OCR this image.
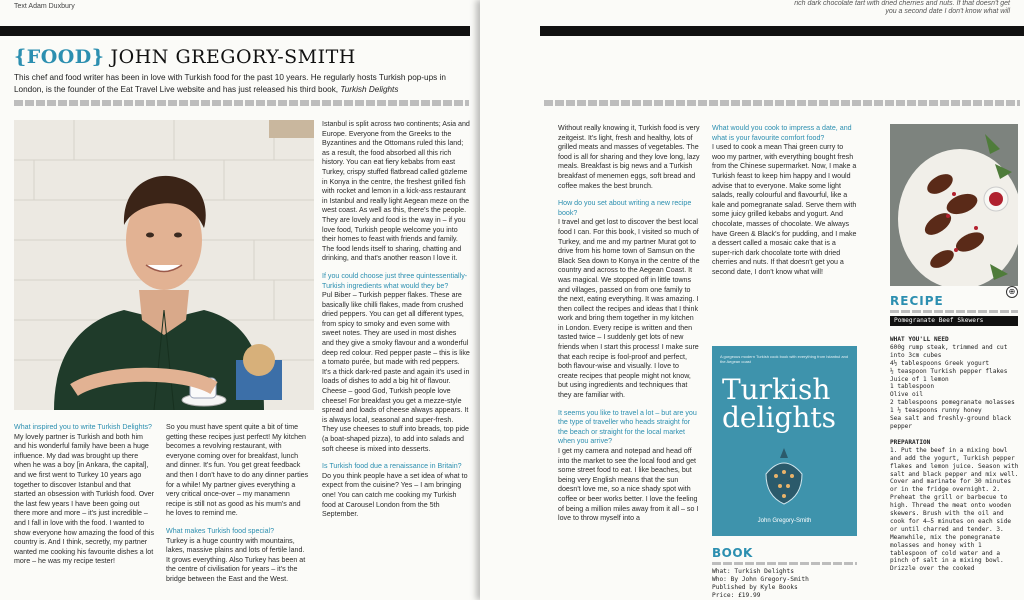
Text Adam Duxbury
{FOOD} JOHN GREGORY-SMITH
This chef and food writer has been in love with Turkish food for the past 10 years. He regularly hosts Turkish pop-ups in London, is the founder of the Eat Travel Live website and has just released his third book, Turkish Delights

What inspired you to write Turkish Delights?
My lovely partner is Turkish and both him and his wonderful family have been a huge influence. My dad was brought up there when he was a boy [in Ankara, the capital], and we first went to Turkey 10 years ago together to discover Istanbul and that started an obsession with Turkish food. Over the last few years I have been going out there more and more – it's just incredible – and I fall in love with the food. I wanted to show everyone how amazing the food of this country is. And I think, secretly, my partner wanted me cooking his favourite dishes a lot more – he was my recipe tester!

So you must have spent quite a bit of time getting these recipes just perfect! My kitchen becomes a revolving restaurant, with everyone coming over for breakfast, lunch and dinner. It's fun. You get great feedback and then I don't have to do any dinner parties for a while! My partner gives everything a very critical once-over – my manamenn recipe is still not as good as his mum's and he loves to remind me.

What makes Turkish food special?
Turkey is a huge country with mountains, lakes, massive plains and lots of fertile land. It grows everything. Also Turkey has been at the centre of civilisation for years – it's the bridge between the East and the West.

Istanbul is split across two continents; Asia and Europe. Everyone from the Greeks to the Byzantines and the Ottomans ruled this land; as a result, the food absorbed all this rich history. You can eat fiery kebabs from east Turkey, crispy stuffed flatbread called gözleme in Konya in the centre, the freshest grilled fish with rocket and lemon in a kick-ass restaurant in Istanbul and really light Aegean meze on the west coast. As well as this, there's the people. They are lovely and food is the way in – if you love food, Turkish people welcome you into their homes to feast with friends and family. The food lends itself to sharing, chatting and drinking, and that's another reason I love it.

If you could choose just three quintessentially-Turkish ingredients what would they be?
Pul Biber – Turkish pepper flakes. These are basically like chilli flakes, made from crushed dried peppers. You can get all different types, from spicy to smoky and even some with sweet notes. They are used in most dishes and they give a smoky flavour and a wonderful deep red colour. Red pepper paste – this is like a tomato purée, but made with red peppers. It's a thick dark-red paste and again it's used in loads of dishes to add a big hit of flavour. Cheese – good God, Turkish people love cheese! For breakfast you get a mezze-style spread and loads of cheese always appears. It is always local, seasonal and super-fresh. They use cheeses to stuff into breads, top pide (a boat-shaped pizza), to add into salads and soft cheese is mixed into desserts.

Is Turkish food due a renaissance in Britain?
Do you think people have a set idea of what to expect from the cuisine? Yes – I am bringing one! You can catch me cooking my Turkish food at Carousel London from the 5th September.

rich dark chocolate tart with dried cherries and nuts. If that doesn't get you a second date I don't know what will

Without really knowing it, Turkish food is very zeitgeist. It's light, fresh and healthy, lots of grilled meats and masses of vegetables. The food is all for sharing and they love long, lazy meals. Breakfast is big news and a Turkish breakfast of menemen eggs, soft bread and coffee makes the best brunch.

How do you set about writing a new recipe book?
I travel and get lost to discover the best local food I can. For this book, I visited so much of Turkey, and me and my partner Murat got to drive from his home town of Samsun on the Black Sea down to Konya in the centre of the country and across to the Aegean Coast. It was magical. We stopped off in little towns and villages, passed on from one family to the next, eating everything. It was amazing. I then collect the recipes and ideas that I think work and bring them together in my kitchen in London. Every recipe is written and then tasted twice – I suddenly get lots of new friends when I start this process! I make sure that each recipe is fool-proof and perfect, both flavour-wise and visually. I love to create recipes that people might not know, but using ingredients and techniques that they are familiar with.

It seems you like to travel a lot – but are you the type of traveller who heads straight for the beach or straight for the local market when you arrive?
I get my camera and notepad and head off into the market to see the local food and get some street food to eat. I like beaches, but being very English means that the sun doesn't love me, so a nice shady spot with coffee or beer works better. I love the feeling of being a million miles away from it all – so I love to throw myself into a

What would you cook to impress a date, and what is your favourite comfort food?
I used to cook a mean Thai green curry to woo my partner, with everything bought fresh from the Chinese supermarket. Now, I make a Turkish feast to keep him happy and I would advise that to everyone. Make some light salads, really colourful and flavourful, like a kale and pomegranate salad. Serve them with some juicy grilled kebabs and yogurt. And chocolate, masses of chocolate. We always have Green & Black's for pudding, and I make a dessert called a mosaic cake that is a super-rich dark chocolate torte with dried cherries and nuts. If that doesn't get you a second date, I don't know what will!

A gorgeous modern Turkish cook book with everything from Istanbul and the Aegean coast
Turkish
delights
John Gregory-Smith
BOOK
What: Turkish Delights
Who: By John Gregory-Smith
Published by Kyle Books
Price: £19.99
⊕
RECIPE
Pomegranate Beef Skewers
WHAT YOU'LL NEED
600g rump steak, trimmed and cut into 3cm cubes
4½ tablespoons Greek yogurt
½ teaspoon Turkish pepper flakes
Juice of 1 lemon
1 tablespoon
Olive oil
2 tablespoons pomegranate molasses
1 ½ teaspoons runny honey
Sea salt and freshly-ground black pepper
PREPARATION
1. Put the beef in a mixing bowl and add the yogurt, Turkish pepper flakes and lemon juice. Season with salt and black pepper and mix well. Cover and marinate for 30 minutes or in the fridge overnight. 2. Preheat the grill or barbecue to high. Thread the meat onto wooden skewers. Brush with the oil and cook for 4–5 minutes on each side or until charred and tender. 3. Meanwhile, mix the pomegranate molasses and honey with 1 tablespoon of cold water and a pinch of salt in a mixing bowl. Drizzle over the cooked
